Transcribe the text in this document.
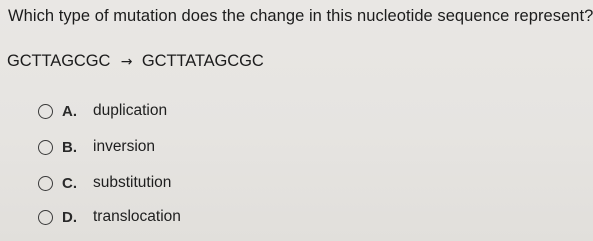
Which type of mutation does the change in this nucleotide sequence represent?
GCTTAGCGC → GCTTATAGCGC
A.	duplication
B.	inversion
C.	substitution
D.	translocation
